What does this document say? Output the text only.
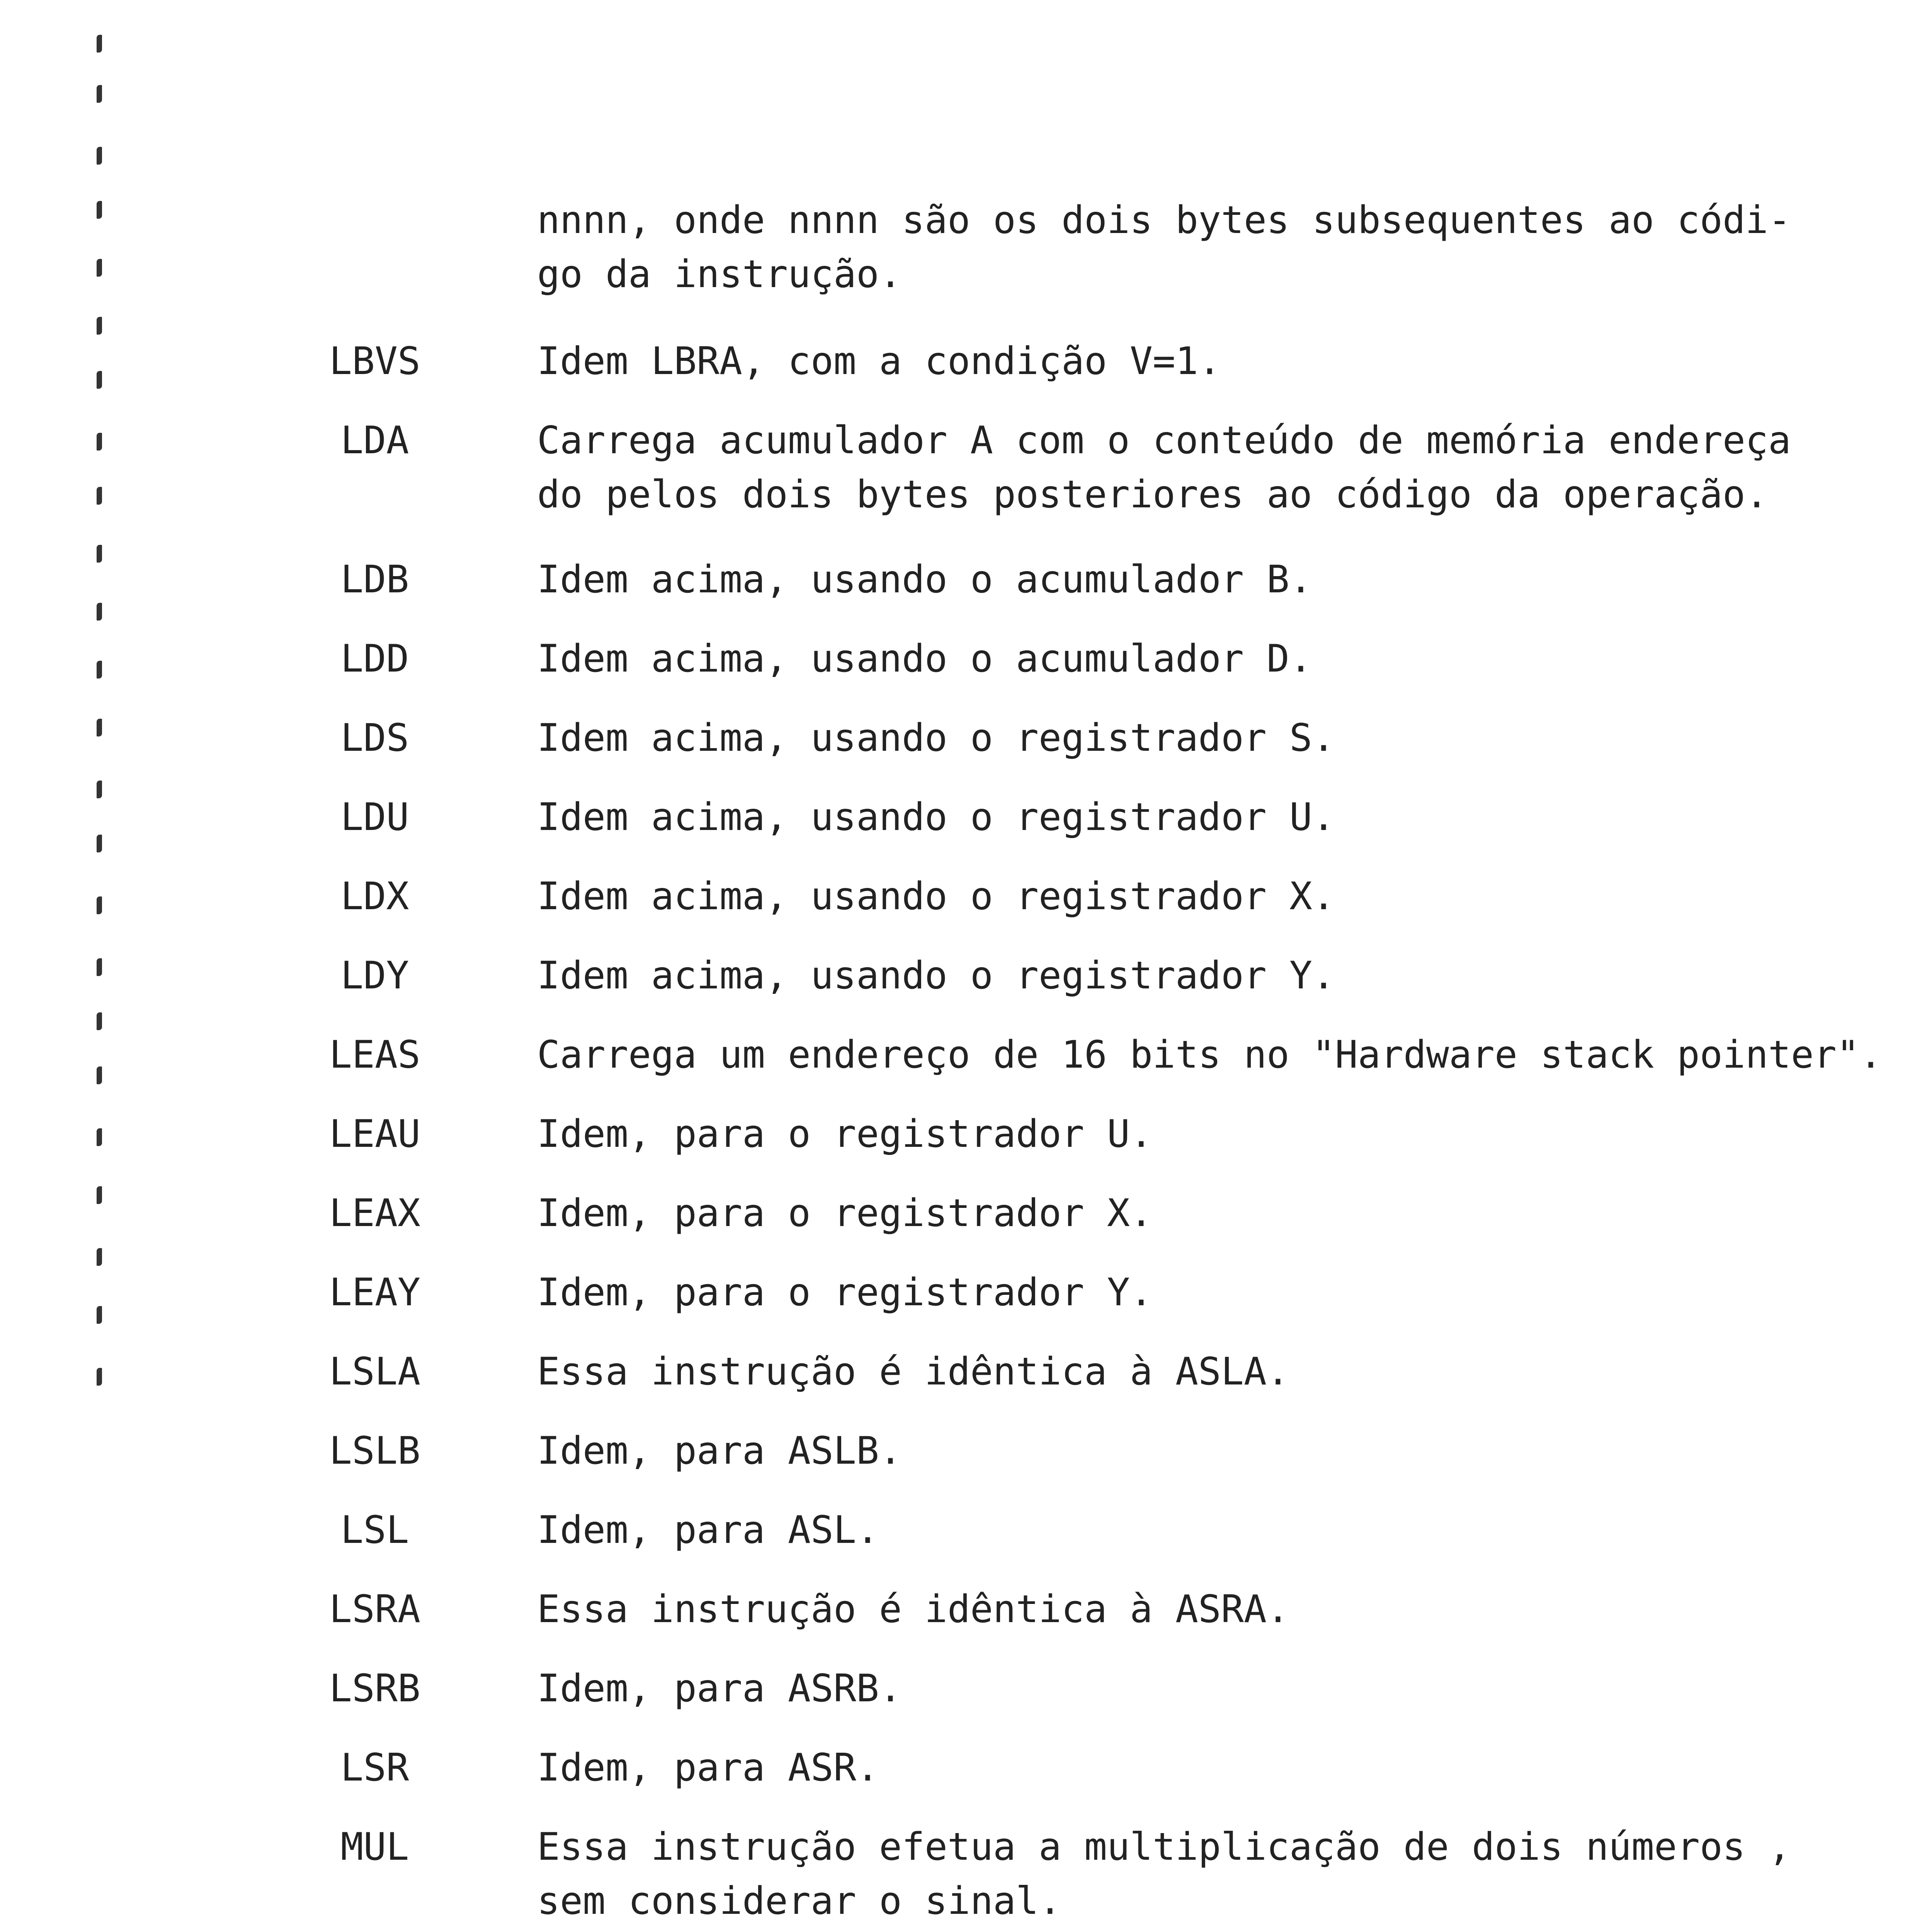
nnnn, onde nnnn são os dois bytes subsequentes ao códi-
go da instrução.
LBVS	Idem LBRA, com a condição V=1.
LDA	Carrega acumulador A com o conteúdo de memória endereça
do pelos dois bytes posteriores ao código da operação.
LDB	Idem acima, usando o acumulador B.
LDD	Idem acima, usando o acumulador D.
LDS	Idem acima, usando o registrador S.
LDU	Idem acima, usando o registrador U.
LDX	Idem acima, usando o registrador X.
LDY	Idem acima, usando o registrador Y.
LEAS	Carrega um endereço de 16 bits no "Hardware stack pointer".
LEAU	Idem, para o registrador U.
LEAX	Idem, para o registrador X.
LEAY	Idem, para o registrador Y.
LSLA	Essa instrução é idêntica à ASLA.
LSLB	Idem, para ASLB.
LSL	Idem, para ASL.
LSRA	Essa instrução é idêntica à ASRA.
LSRB	Idem, para ASRB.
LSR	Idem, para ASR.
MUL	Essa instrução efetua a multiplicação de dois números ,
sem considerar o sinal.
